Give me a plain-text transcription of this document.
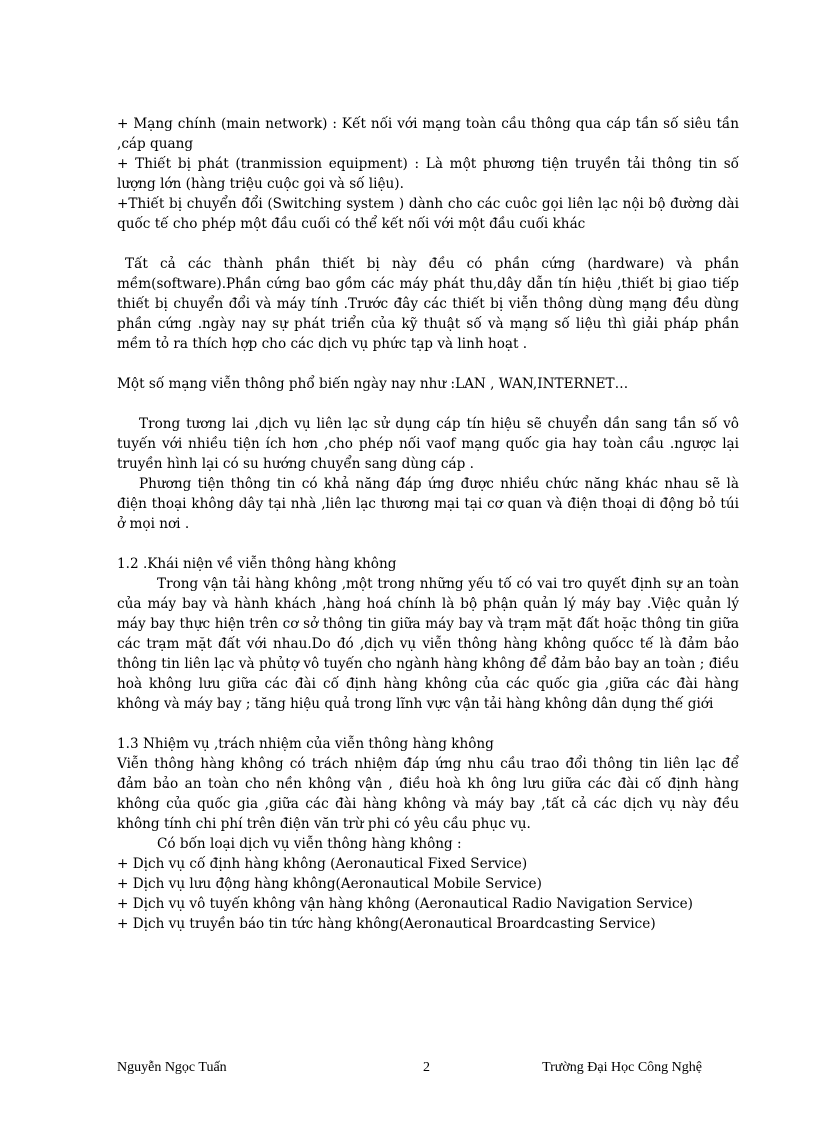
+ Mạng chính (main network) : Kết nối với mạng toàn cầu thông qua cáp tần số siêu tần ,cáp quang

+ Thiết bị phát (tranmission equipment) : Là một phương tiện truyền tải thông tin số lượng lớn (hàng triệu cuộc gọi và số liệu).

+Thiết bị chuyển đổi (Switching system ) dành cho các cuôc gọi liên lạc nội bộ đường dài quốc tế cho phép một đầu cuối có thể kết nối với một đầu cuối khác

Tất cả các thành phần thiết bị này đều có phần cứng (hardware) và phần mềm(software).Phần cứng bao gồm các máy phát thu,dây dẫn tín hiệu ,thiết bị giao tiếp thiết bị chuyển đổi và máy tính .Trước đây các thiết bị viễn thông dùng mạng đều dùng phần cứng .ngày nay sự phát triển của kỹ thuật số và mạng số liệu thì giải pháp phần mềm tỏ ra thích hợp cho các dịch vụ phức tạp và linh hoạt .

Một số mạng viễn thông phổ biến ngày nay như :LAN , WAN,INTERNET…

Trong tương lai ,dịch vụ liên lạc sử dụng cáp tín hiệu sẽ chuyển dần sang tần số vô tuyến với nhiều tiện ích hơn ,cho phép nối vaof mạng quốc gia hay toàn cầu .ngược lại truyền hình lại có su hướng chuyển sang dùng cáp .

Phương tiện thông tin có khả năng đáp ứng được nhiều chức năng khác nhau sẽ là điện thoại không dây tại nhà ,liên lạc thương mại tại cơ quan và điện thoại di động bỏ túi ở mọi nơi .

1.2 .Khái niện về viễn thông hàng không

Trong vận tải hàng không ,một trong những yếu tố có vai tro quyết định sự an toàn của máy bay và hành khách ,hàng hoá chính là bộ phận quản lý máy bay .Việc quản lý máy bay thực hiện trên cơ sở thông tin giữa máy bay và trạm mặt đất hoặc thông tin giữa các trạm mặt đất với nhau.Do đó ,dịch vụ viễn thông hàng không quốcc tế là đảm bảo thông tin liên lạc và phủtợ vô tuyến cho ngành hàng không để đảm bảo bay an toàn ; điều hoà không lưu giữa các đài cố định hàng không của các quốc gia ,giữa các đài hàng không và máy bay ; tăng hiệu quả trong lĩnh vực vận tải hàng không dân dụng thế giới

1.3 Nhiệm vụ ,trách nhiệm của viễn thông hàng không

Viễn thông hàng không có trách nhiệm đáp ứng nhu cầu trao đổi thông tin liên lạc để đảm bảo an toàn cho nền không vận , điều hoà kh ông lưu giữa các đài cố định hàng không của quốc gia ,giữa các đài hàng không và máy bay ,tất cả các dịch vụ này đều không tính chi phí trên điện văn trừ phi có yêu cầu phục vụ.

Có bốn loại dịch vụ viễn thông hàng không :

+ Dịch vụ cố định hàng không (Aeronautical Fixed Service)

+ Dịch vụ lưu động hàng không(Aeronautical Mobile Service)

+ Dịch vụ vô tuyến không vận hàng không (Aeronautical Radio Navigation Service)

+ Dịch vụ truyền báo tin tức hàng không(Aeronautical Broardcasting Service)

Nguyễn Ngọc Tuấn	2	Trường Đại Học Công Nghệ
